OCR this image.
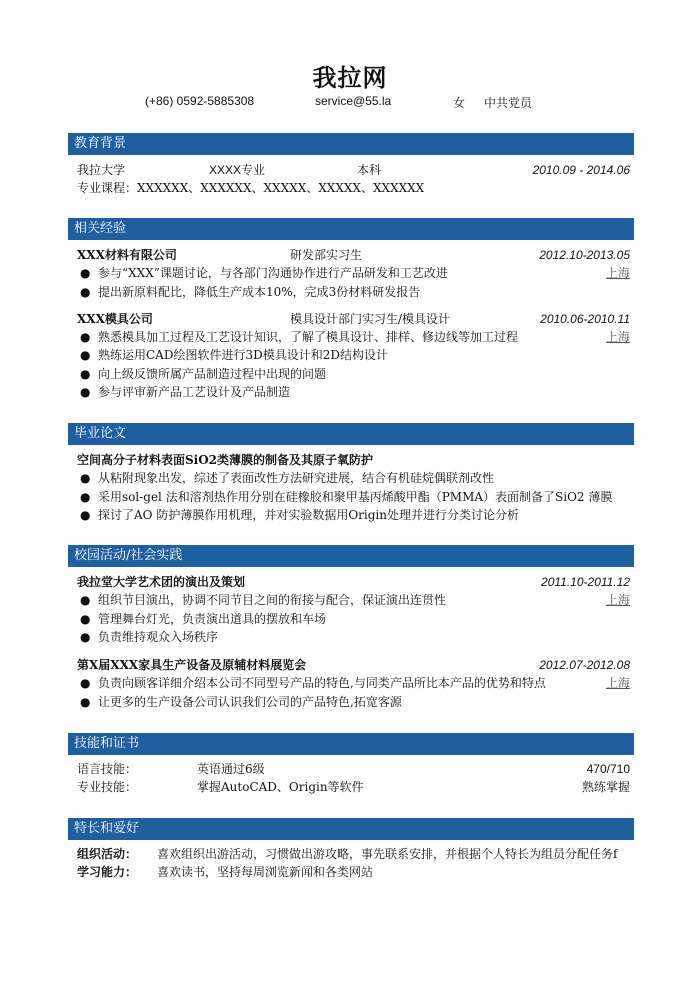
我拉网
(+86) 0592-5885308	service@55.la	女 中共党员
教育背景
我拉大学	XXXX专业	本科	2010.09 - 2014.06
专业课程：XXXXXX、XXXXXX、XXXXX、XXXXX、XXXXXX
相关经验
XXX材料有限公司	研发部实习生	2012.10-2013.05
● 参与“XXX”课题讨论，与各部门沟通协作进行产品研发和工艺改进	上海
● 提出新原料配比，降低生产成本10%，完成3份材料研发报告
XXX模具公司	模具设计部门实习生/模具设计	2010.06-2010.11
● 熟悉模具加工过程及工艺设计知识，了解了模具设计、排样、修边线等加工过程	上海
● 熟练运用CAD绘图软件进行3D模具设计和2D结构设计
● 向上级反馈所属产品制造过程中出现的问题
● 参与评审新产品工艺设计及产品制造
毕业论文
空间高分子材料表面SiO2类薄膜的制备及其原子氧防护
● 从粘附现象出发，综述了表面改性方法研究进展，结合有机硅烷偶联剂改性
● 采用sol-gel 法和溶剂热作用分别在硅橡胶和聚甲基丙烯酸甲酯（PMMA）表面制备了SiO2 薄膜
● 探讨了AO 防护薄膜作用机理，并对实验数据用Origin处理并进行分类讨论分析
校园活动/社会实践
我拉堂大学艺术团的演出及策划	2011.10-2011.12
● 组织节目演出，协调不同节目之间的衔接与配合，保证演出连贯性	上海
● 管理舞台灯光，负责演出道具的摆放和车场
● 负责维持观众入场秩序
第X届XXX家具生产设备及原辅材料展览会	2012.07-2012.08
● 负责向顾客详细介绍本公司不同型号产品的特色,与同类产品所比本产品的优势和特点	上海
● 让更多的生产设备公司认识我们公司的产品特色,拓宽客源
技能和证书
语言技能：	英语通过6级	470/710
专业技能：	掌握AutoCAD、Origin等软件	熟练掌握
特长和爱好
组织活动： 喜欢组织出游活动，习惯做出游攻略，事先联系安排，并根据个人特长为组员分配任务f
学习能力： 喜欢读书，坚持每周浏览新闻和各类网站
